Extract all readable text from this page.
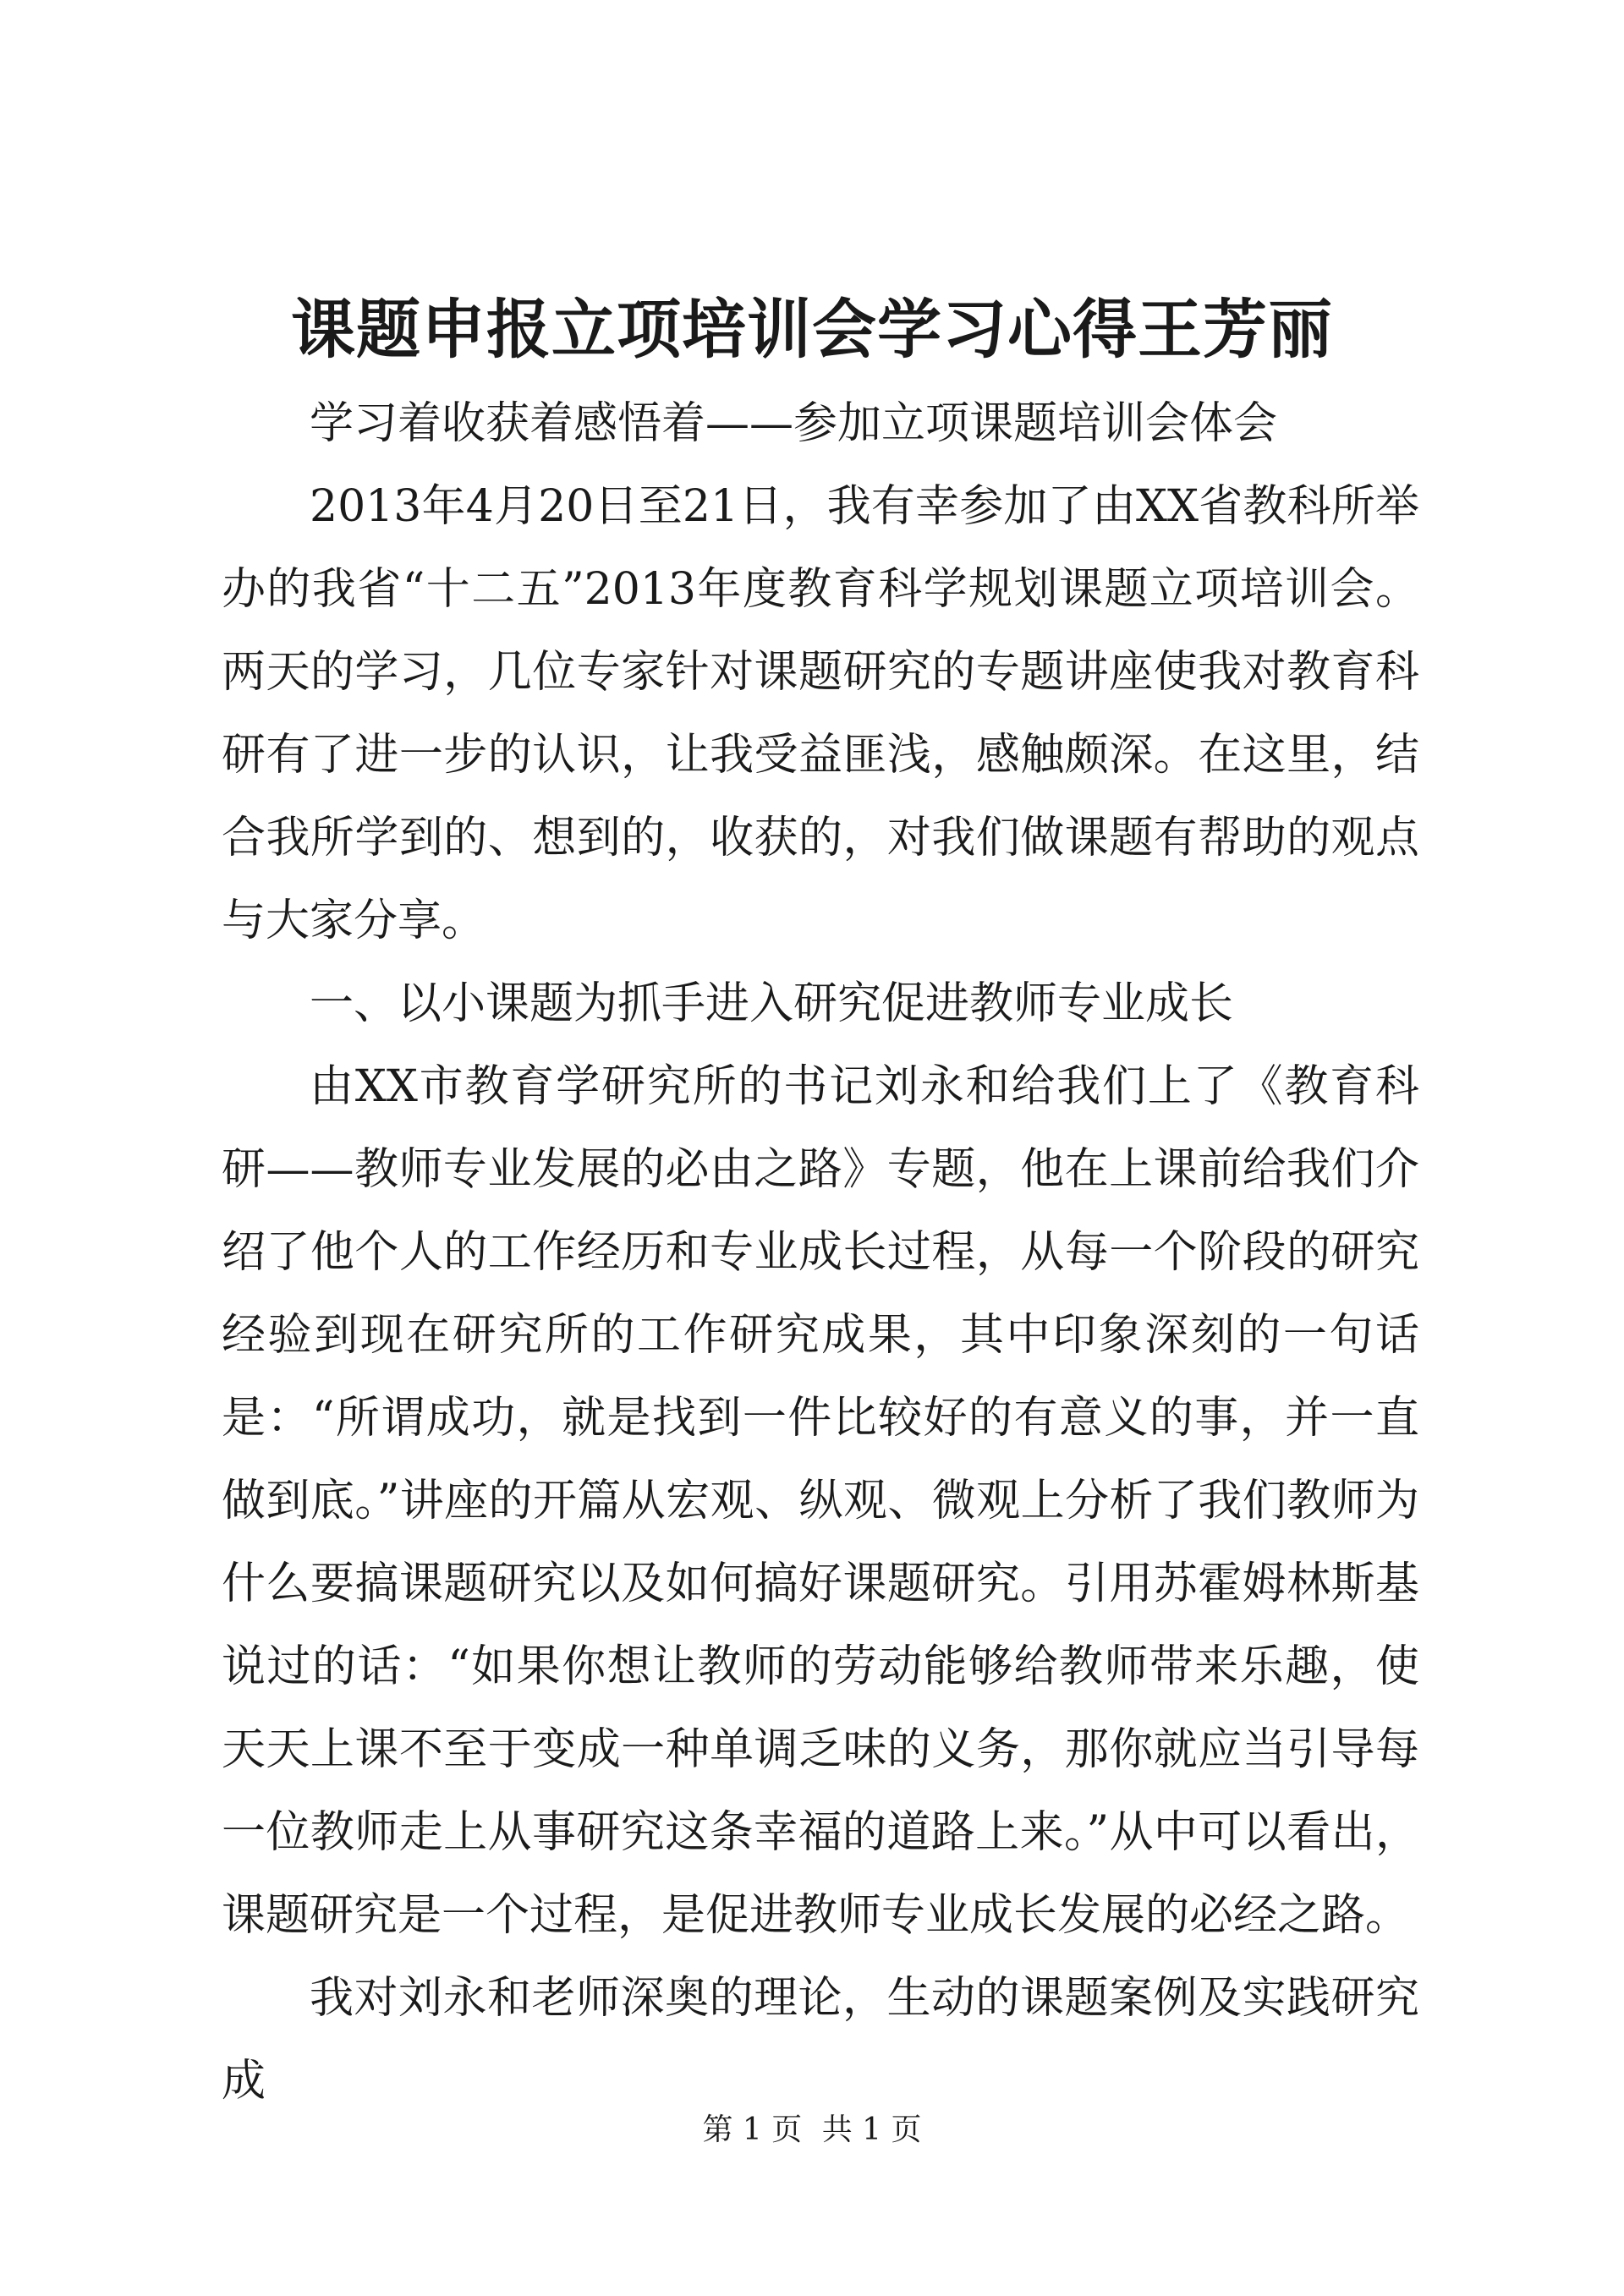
课题申报立项培训会学习心得王芳丽

学习着收获着感悟着——参加立项课题培训会体会

2013年4月20日至21日，我有幸参加了由XX省教科所举办的我省“十二五”2013年度教育科学规划课题立项培训会。两天的学习，几位专家针对课题研究的专题讲座使我对教育科研有了进一步的认识，让我受益匪浅，感触颇深。在这里，结合我所学到的、想到的，收获的，对我们做课题有帮助的观点与大家分享。

一、以小课题为抓手进入研究促进教师专业成长

由XX市教育学研究所的书记刘永和给我们上了《教育科研——教师专业发展的必由之路》专题，他在上课前给我们介绍了他个人的工作经历和专业成长过程，从每一个阶段的研究经验到现在研究所的工作研究成果，其中印象深刻的一句话是：“所谓成功，就是找到一件比较好的有意义的事，并一直做到底。”讲座的开篇从宏观、纵观、微观上分析了我们教师为什么要搞课题研究以及如何搞好课题研究。引用苏霍姆林斯基说过的话：“如果你想让教师的劳动能够给教师带来乐趣，使天天上课不至于变成一种单调乏味的义务，那你就应当引导每一位教师走上从事研究这条幸福的道路上来。”从中可以看出，课题研究是一个过程，是促进教师专业成长发展的必经之路。

我对刘永和老师深奥的理论，生动的课题案例及实践研究成

第 1 页 共 1 页
